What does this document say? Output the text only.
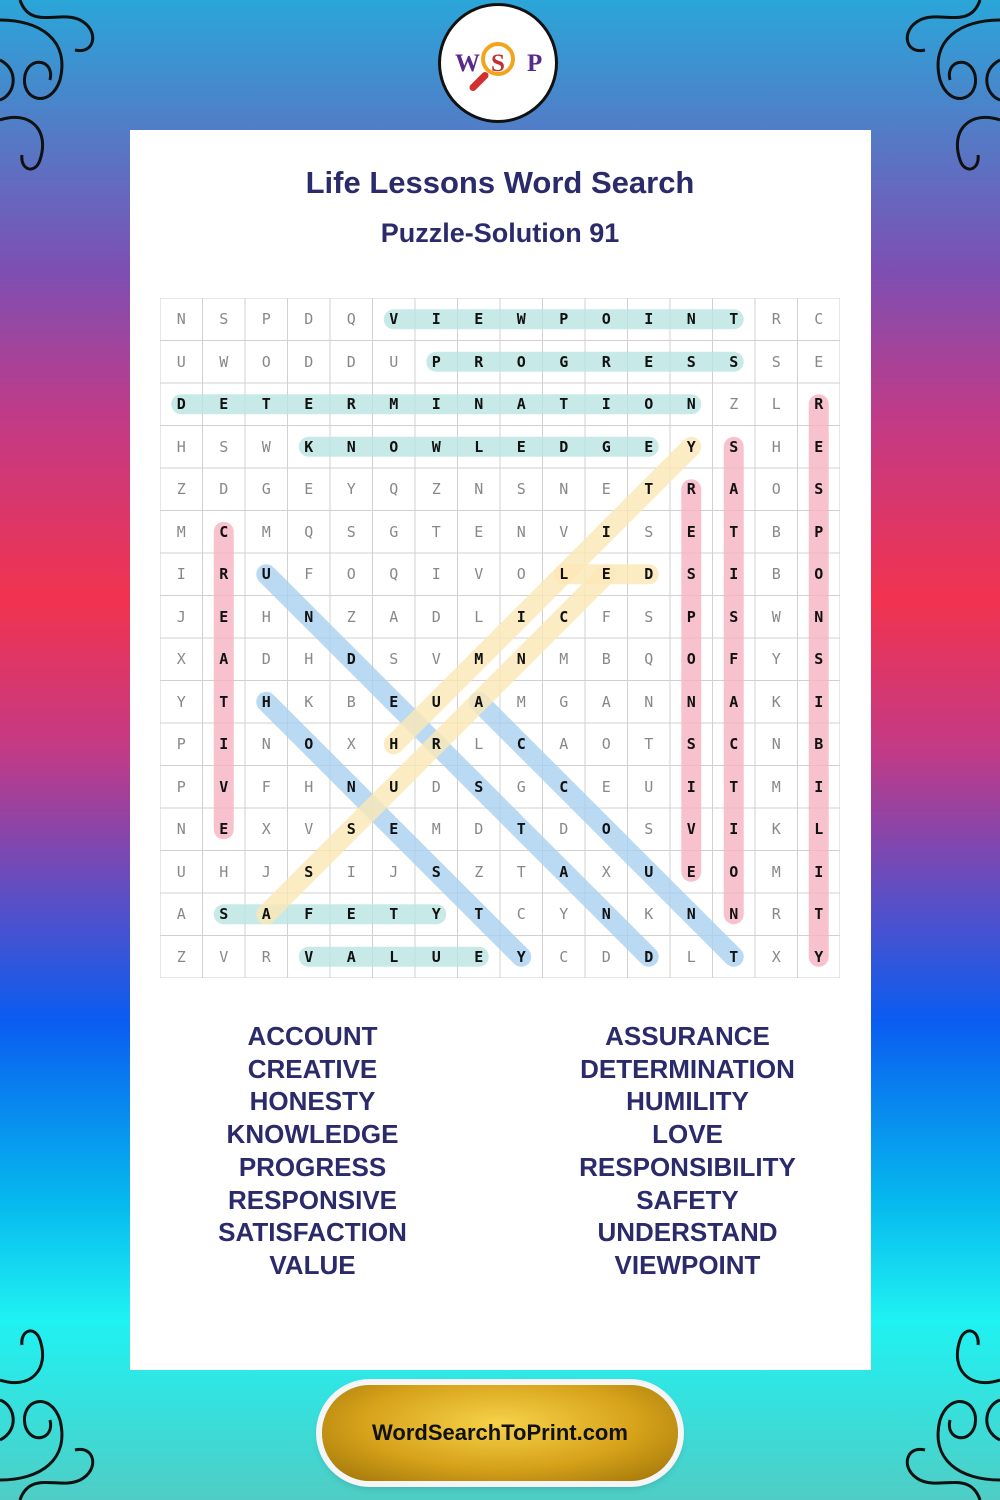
W S P
Life Lessons Word Search
Puzzle-Solution 91
N	S	P	D	Q	V	I	E	W	P	O	I	N	T	R	C
U	W	O	D	D	U	P	R	O	G	R	E	S	S	S	E
D	E	T	E	R	M	I	N	A	T	I	O	N	Z	L	R
H	S	W	K	N	O	W	L	E	D	G	E	Y	S	H	E
Z	D	G	E	Y	Q	Z	N	S	N	E	T	R	A	O	S
M	C	M	Q	S	G	T	E	N	V	I	S	E	T	B	P
I	R	U	F	O	Q	I	V	O	L	E	D	S	I	B	O
J	E	H	N	Z	A	D	L	I	C	F	S	P	S	W	N
X	A	D	H	D	S	V	M	N	M	B	Q	O	F	Y	S
Y	T	H	K	B	E	U	A	M	G	A	N	N	A	K	I
P	I	N	O	X	H	R	L	C	A	O	T	S	C	N	B
P	V	F	H	N	U	D	S	G	C	E	U	I	T	M	I
N	E	X	V	S	E	M	D	T	D	O	S	V	I	K	L
U	H	J	S	I	J	S	Z	T	A	X	U	E	O	M	I
A	S	A	F	E	T	Y	T	C	Y	N	K	N	N	R	T
Z	V	R	V	A	L	U	E	Y	C	D	D	L	T	X	Y
ACCOUNT
CREATIVE
HONESTY
KNOWLEDGE
PROGRESS
RESPONSIVE
SATISFACTION
VALUE
ASSURANCE
DETERMINATION
HUMILITY
LOVE
RESPONSIBILITY
SAFETY
UNDERSTAND
VIEWPOINT
WordSearchToPrint.com
